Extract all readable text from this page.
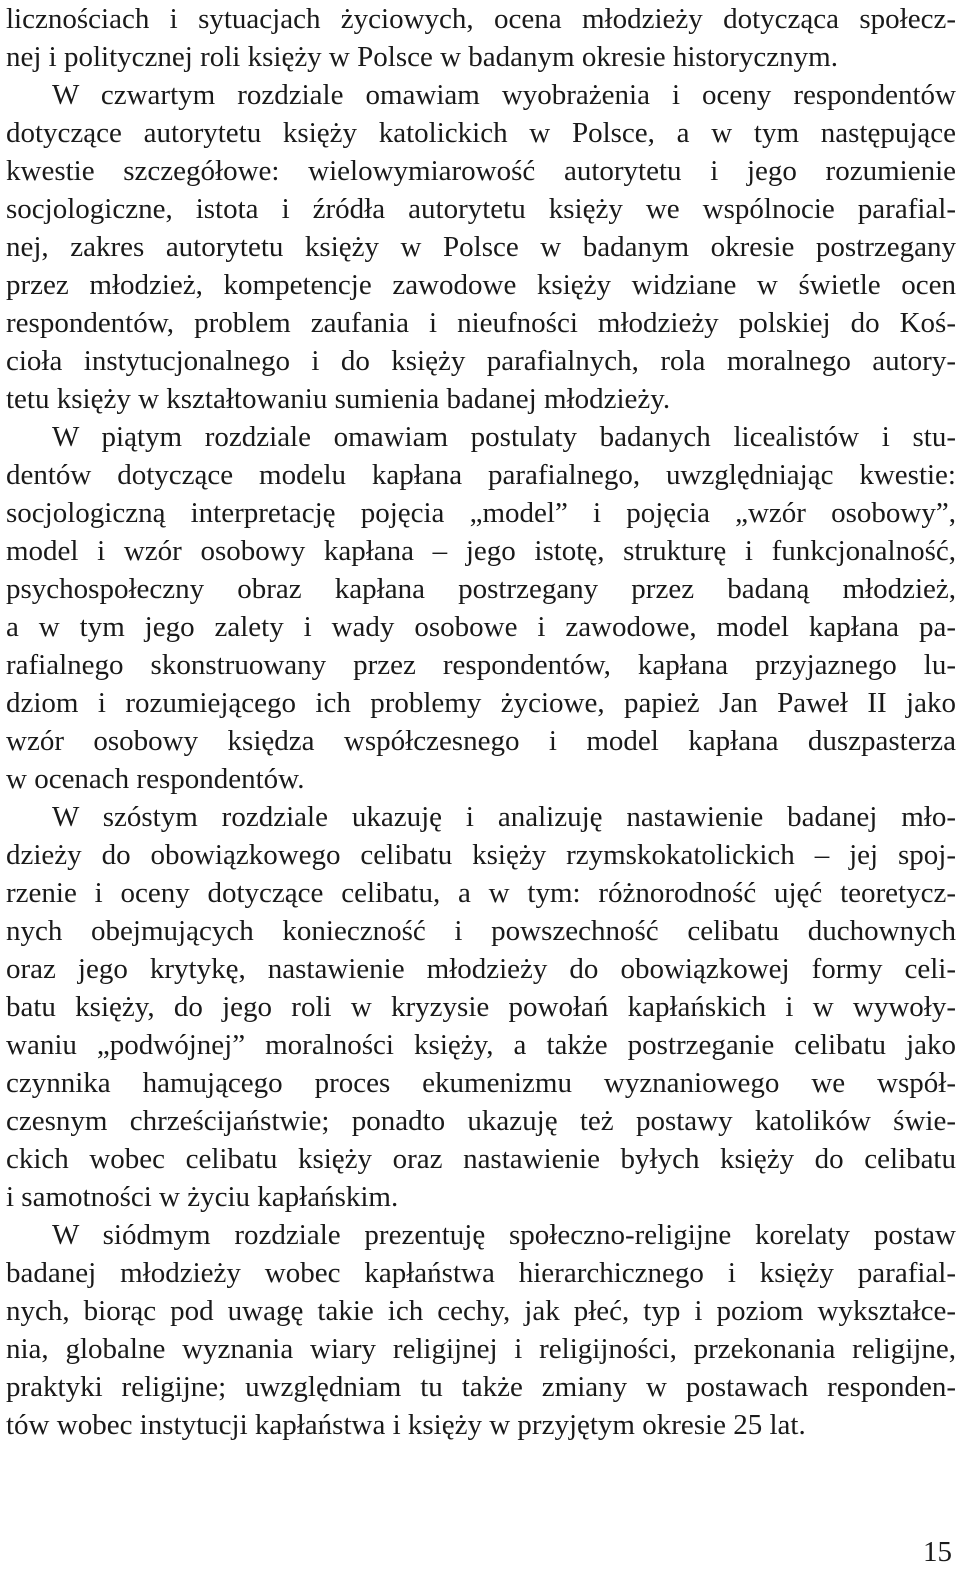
licznościach i sytuacjach życiowych, ocena młodzieży dotycząca społecz-
nej i politycznej roli księży w Polsce w badanym okresie historycznym.
W czwartym rozdziale omawiam wyobrażenia i oceny respondentów
dotyczące autorytetu księży katolickich w Polsce, a w tym następujące
kwestie szczegółowe: wielowymiarowość autorytetu i jego rozumienie
socjologiczne, istota i źródła autorytetu księży we wspólnocie parafial-
nej, zakres autorytetu księży w Polsce w badanym okresie postrzegany
przez młodzież, kompetencje zawodowe księży widziane w świetle ocen
respondentów, problem zaufania i nieufności młodzieży polskiej do Koś-
cioła instytucjonalnego i do księży parafialnych, rola moralnego autory-
tetu księży w kształtowaniu sumienia badanej młodzieży.
W piątym rozdziale omawiam postulaty badanych licealistów i stu-
dentów dotyczące modelu kapłana parafialnego, uwzględniając kwestie:
socjologiczną interpretację pojęcia „model” i pojęcia „wzór osobowy”,
model i wzór osobowy kapłana – jego istotę, strukturę i funkcjonalność,
psychospołeczny obraz kapłana postrzegany przez badaną młodzież,
a w tym jego zalety i wady osobowe i zawodowe, model kapłana pa-
rafialnego skonstruowany przez respondentów, kapłana przyjaznego lu-
dziom i rozumiejącego ich problemy życiowe, papież Jan Paweł II jako
wzór osobowy księdza współczesnego i model kapłana duszpasterza
w ocenach respondentów.
W szóstym rozdziale ukazuję i analizuję nastawienie badanej mło-
dzieży do obowiązkowego celibatu księży rzymskokatolickich – jej spoj-
rzenie i oceny dotyczące celibatu, a w tym: różnorodność ujęć teoretycz-
nych obejmujących konieczność i powszechność celibatu duchownych
oraz jego krytykę, nastawienie młodzieży do obowiązkowej formy celi-
batu księży, do jego roli w kryzysie powołań kapłańskich i w wywoły-
waniu „podwójnej” moralności księży, a także postrzeganie celibatu jako
czynnika hamującego proces ekumenizmu wyznaniowego we współ-
czesnym chrześcijaństwie; ponadto ukazuję też postawy katolików świe-
ckich wobec celibatu księży oraz nastawienie byłych księży do celibatu
i samotności w życiu kapłańskim.
W siódmym rozdziale prezentuję społeczno-religijne korelaty postaw
badanej młodzieży wobec kapłaństwa hierarchicznego i księży parafial-
nych, biorąc pod uwagę takie ich cechy, jak płeć, typ i poziom wykształce-
nia, globalne wyznania wiary religijnej i religijności, przekonania religijne,
praktyki religijne; uwzględniam tu także zmiany w postawach responden-
tów wobec instytucji kapłaństwa i księży w przyjętym okresie 25 lat.
15
